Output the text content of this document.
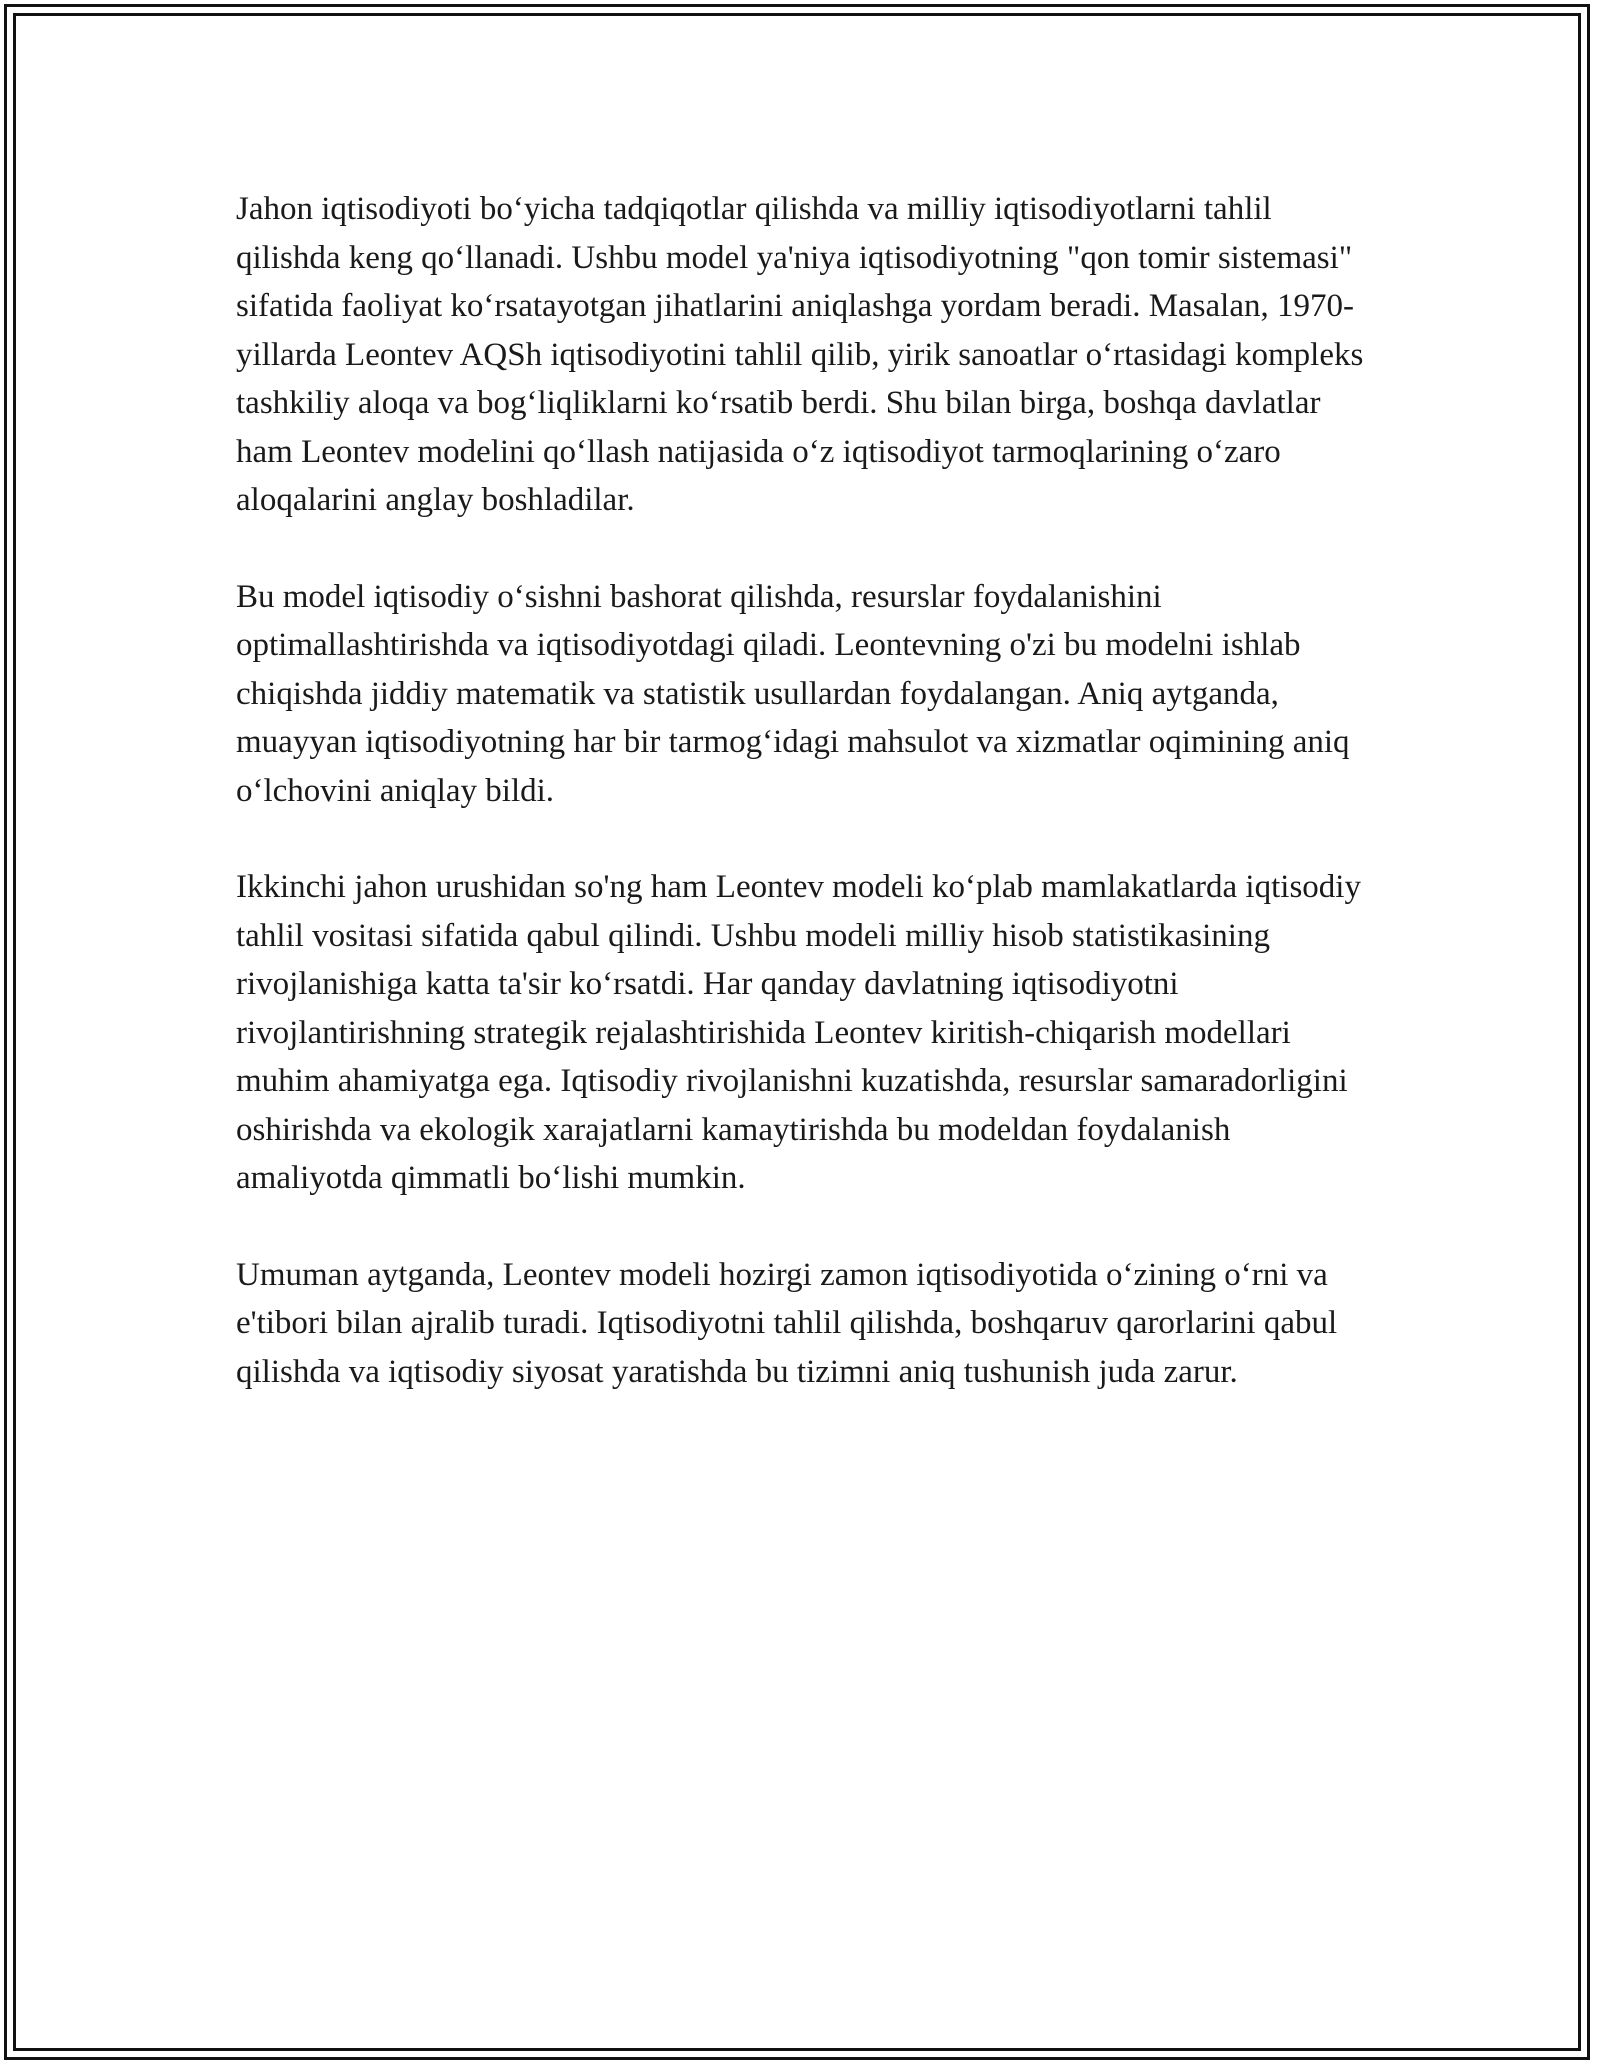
Jahon iqtisodiyoti bo‘yicha tadqiqotlar qilishda va milliy iqtisodiyotlarni tahlil qilishda keng qo‘llanadi. Ushbu model ya'niya iqtisodiyotning "qon tomir sistemasi" sifatida faoliyat ko‘rsatayotgan jihatlarini aniqlashga yordam beradi. Masalan, 1970-yillarda Leontev AQSh iqtisodiyotini tahlil qilib, yirik sanoatlar o‘rtasidagi kompleks tashkiliy aloqa va bog‘liqliklarni ko‘rsatib berdi. Shu bilan birga, boshqa davlatlar ham Leontev modelini qo‘llash natijasida o‘z iqtisodiyot tarmoqlarining o‘zaro aloqalarini anglay boshladilar.

Bu model iqtisodiy o‘sishni bashorat qilishda, resurslar foydalanishini optimallashtirishda va iqtisodiyotdagi qiladi. Leontevning o'zi bu modelni ishlab chiqishda jiddiy matematik va statistik usullardan foydalangan. Aniq aytganda, muayyan iqtisodiyotning har bir tarmog‘idagi mahsulot va xizmatlar oqimining aniq o‘lchovini aniqlay bildi.

Ikkinchi jahon urushidan so'ng ham Leontev modeli ko‘plab mamlakatlarda iqtisodiy tahlil vositasi sifatida qabul qilindi. Ushbu modeli milliy hisob statistikasining rivojlanishiga katta ta'sir ko‘rsatdi. Har qanday davlatning iqtisodiyotni rivojlantirishning strategik rejalashtirishida Leontev kiritish-chiqarish modellari muhim ahamiyatga ega. Iqtisodiy rivojlanishni kuzatishda, resurslar samaradorligini oshirishda va ekologik xarajatlarni kamaytirishda bu modeldan foydalanish amaliyotda qimmatli bo‘lishi mumkin.

Umuman aytganda, Leontev modeli hozirgi zamon iqtisodiyotida o‘zining o‘rni va e'tibori bilan ajralib turadi. Iqtisodiyotni tahlil qilishda, boshqaruv qarorlarini qabul qilishda va iqtisodiy siyosat yaratishda bu tizimni aniq tushunish juda zarur.
